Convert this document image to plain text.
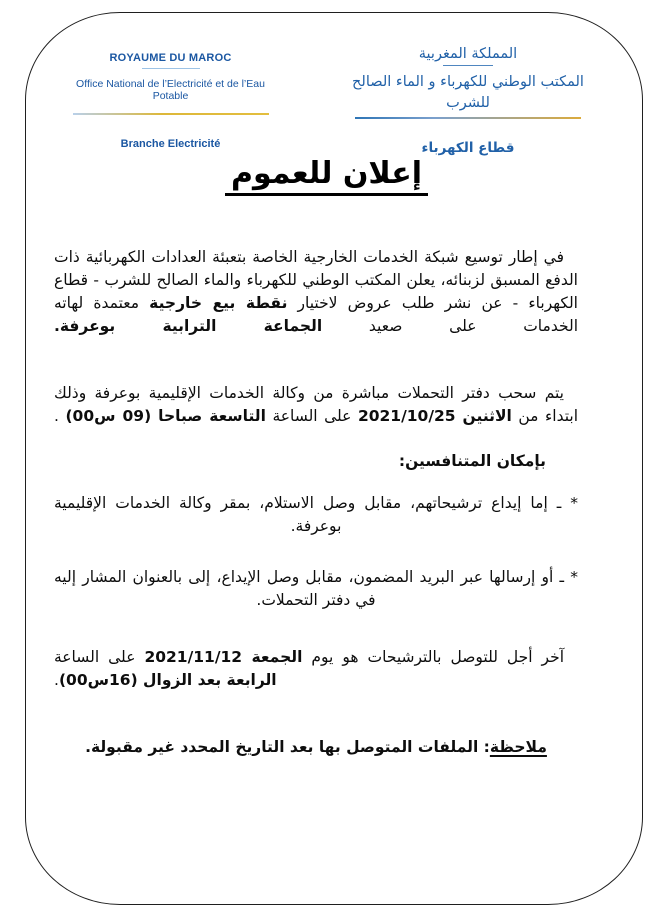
ROYAUME DU MAROC
Office National de l’Electricité et de l’Eau Potable
Branche Electricité
المملكة المغربية
المكتب الوطني للكهرباء و الماء الصالح للشرب
قطاع الكهرباء
إعلان للعموم
في إطار توسيع شبكة الخدمات الخارجية الخاصة بتعبئة العدادات الكهربائية ذات الدفع المسبق لزبنائه، يعلن المكتب الوطني للكهرباء والماء الصالح للشرب - قطاع الكهرباء - عن نشر طلب عروض لاختيار نقطة بيع خارجية معتمدة لهاته الخدمات على صعيد الجماعة الترابية بوعرفة.
يتم سحب دفتر التحملات مباشرة من وكالة الخدمات الإقليمية بوعرفة وذلك ابتداء من الاثنين 2021/10/25 على الساعة التاسعة صباحا (09 س00) .
بإمكان المتنافسين:
* ـ إما إيداع ترشيحاتهم، مقابل وصل الاستلام، بمقر وكالة الخدمات الإقليمية بوعرفة.
* ـ أو إرسالها عبر البريد المضمون، مقابل وصل الإيداع، إلى بالعنوان المشار إليه في دفتر التحملات.
آخر أجل للتوصل بالترشيحات هو يوم الجمعة 2021/11/12 على الساعة الرابعة بعد الزوال (16س00).
ملاحظة: الملفات المتوصل بها بعد التاريخ المحدد غير مقبولة.
